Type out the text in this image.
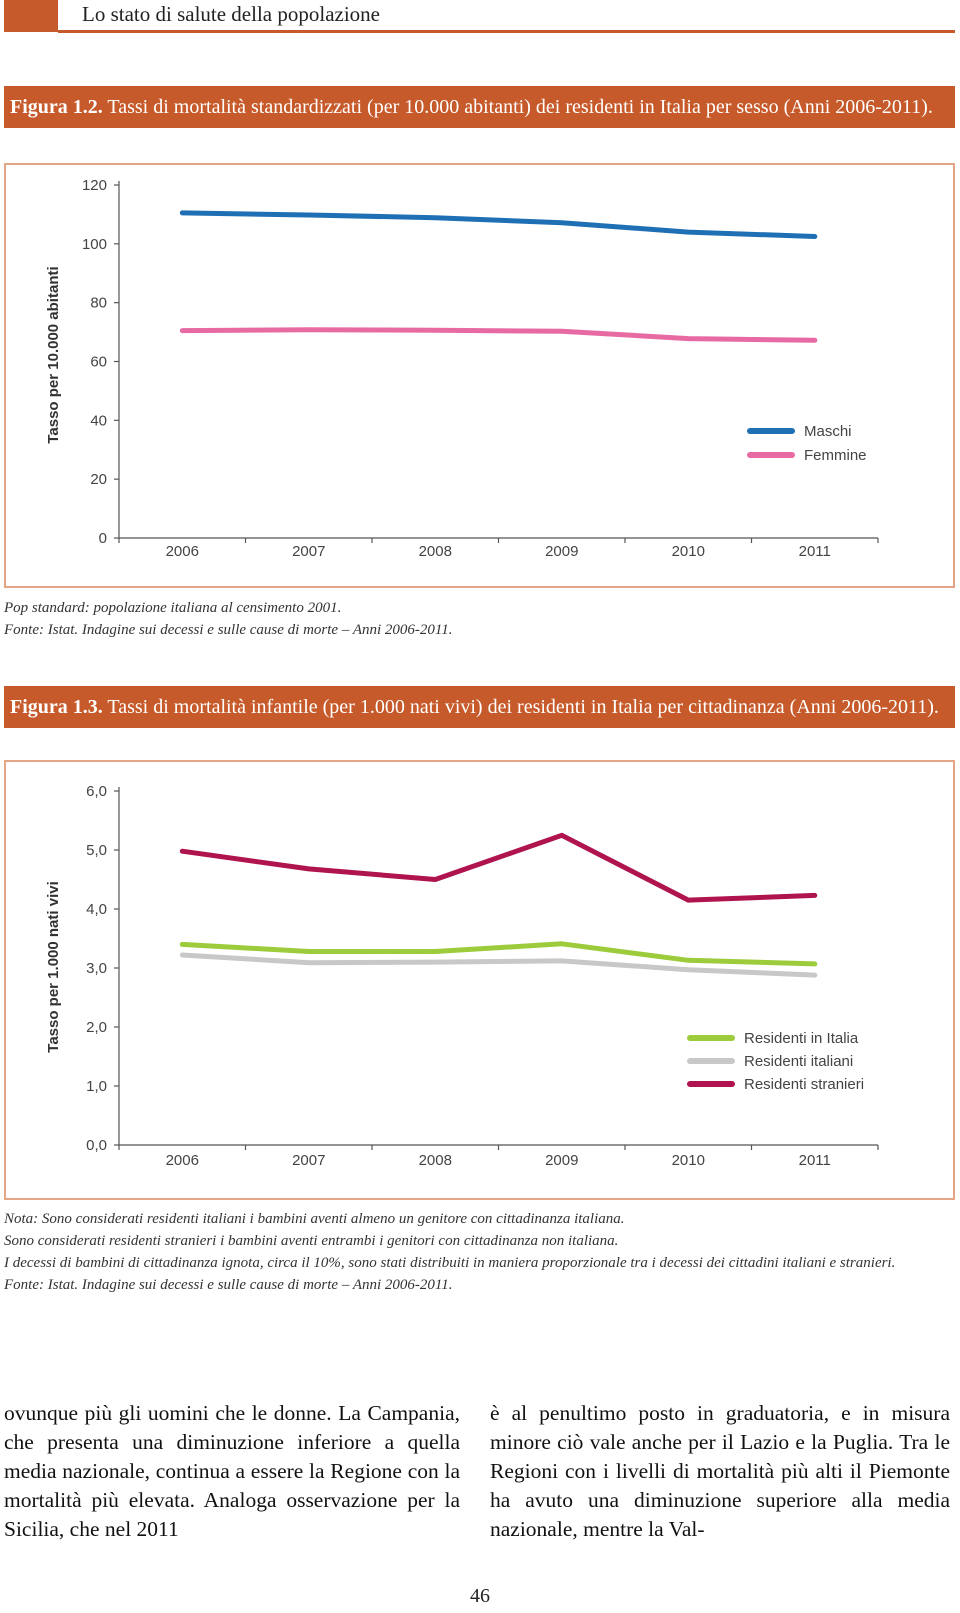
Lo stato di salute della popolazione
Figura 1.2. Tassi di mortalità standardizzati (per 10.000 abitanti) dei residenti in Italia per sesso (Anni 2006-2011).
0
20
40
60
80
100
120
2006	2007	2008	2009	2010	2011
Tasso per 10.000 abitanti	Maschi
Femmine
Pop standard: popolazione italiana al censimento 2001.
Fonte: Istat. Indagine sui decessi e sulle cause di morte – Anni 2006-2011.
Figura 1.3. Tassi di mortalità infantile (per 1.000 nati vivi) dei residenti in Italia per cittadinanza (Anni 2006-2011).
0,0
1,0
2,0
3,0
4,0
5,0
6,0
2006	2007	2008	2009	2010	2011
Tasso per 1.000 nati vivi	Residenti in Italia
Residenti italiani
Residenti stranieri
Nota: Sono considerati residenti italiani i bambini aventi almeno un genitore con cittadinanza italiana.
Sono considerati residenti stranieri i bambini aventi entrambi i genitori con cittadinanza non italiana.
I decessi di bambini di cittadinanza ignota, circa il 10%, sono stati distribuiti in maniera proporzionale tra i decessi dei cittadini italiani e stranieri.
Fonte: Istat. Indagine sui decessi e sulle cause di morte – Anni 2006-2011.
ovunque più gli uomini che le donne. La Campania, che presenta una diminuzione inferiore a quella media nazionale, continua a essere la Regione con la mortalità più elevata. Analoga osservazione per la Sicilia, che nel 2011
è al penultimo posto in graduatoria, e in misura minore ciò vale anche per il Lazio e la Puglia. Tra le Regioni con i livelli di mortalità più alti il Piemonte ha avuto una diminuzione superiore alla media nazionale, mentre la Val-
46
